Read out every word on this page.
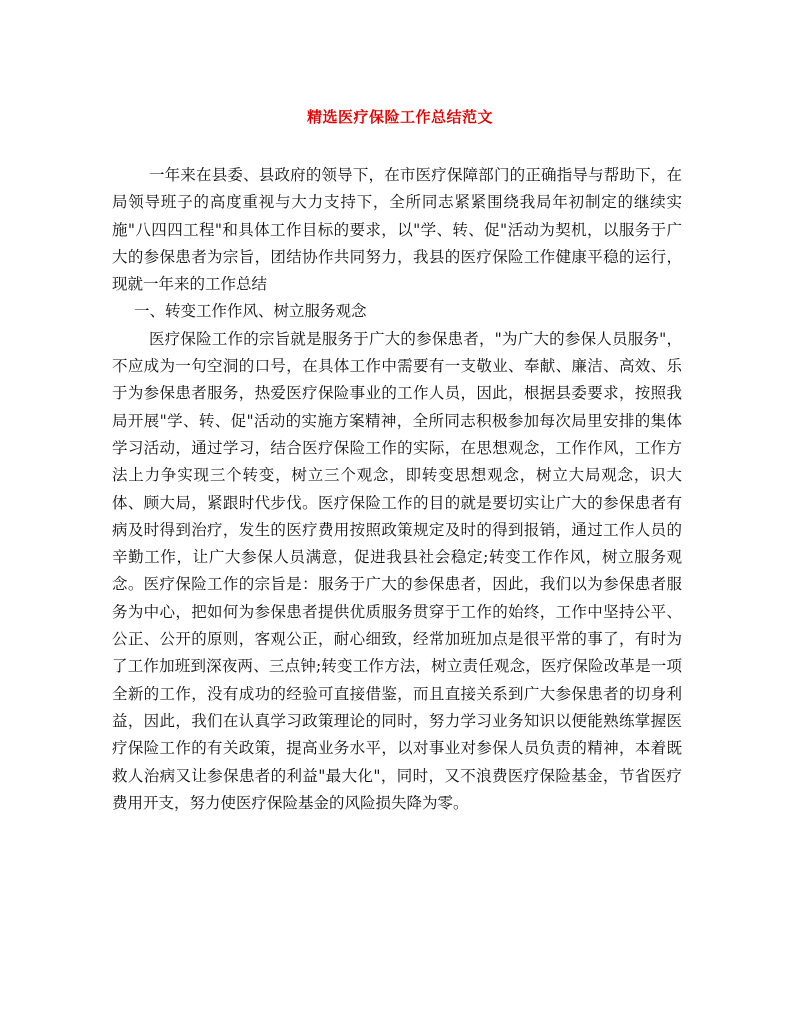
精选医疗保险工作总结范文

一年来在县委、县政府的领导下，在市医疗保障部门的正确指导与帮助下，在局领导班子的高度重视与大力支持下，全所同志紧紧围绕我局年初制定的继续实施"八四四工程"和具体工作目标的要求，以"学、转、促"活动为契机，以服务于广大的参保患者为宗旨，团结协作共同努力，我县的医疗保险工作健康平稳的运行，现就一年来的工作总结

一、转变工作作风、树立服务观念

医疗保险工作的宗旨就是服务于广大的参保患者，"为广大的参保人员服务"，不应成为一句空洞的口号，在具体工作中需要有一支敬业、奉献、廉洁、高效、乐于为参保患者服务，热爱医疗保险事业的工作人员，因此，根据县委要求，按照我局开展"学、转、促"活动的实施方案精神，全所同志积极参加每次局里安排的集体学习活动，通过学习，结合医疗保险工作的实际，在思想观念，工作作风，工作方法上力争实现三个转变，树立三个观念，即转变思想观念，树立大局观念，识大体、顾大局，紧跟时代步伐。医疗保险工作的目的就是要切实让广大的参保患者有病及时得到治疗，发生的医疗费用按照政策规定及时的得到报销，通过工作人员的辛勤工作，让广大参保人员满意，促进我县社会稳定;转变工作作风，树立服务观念。医疗保险工作的宗旨是：服务于广大的参保患者，因此，我们以为参保患者服务为中心，把如何为参保患者提供优质服务贯穿于工作的始终，工作中坚持公平、公正、公开的原则，客观公正，耐心细致，经常加班加点是很平常的事了，有时为了工作加班到深夜两、三点钟;转变工作方法，树立责任观念，医疗保险改革是一项全新的工作，没有成功的经验可直接借鉴，而且直接关系到广大参保患者的切身利益，因此，我们在认真学习政策理论的同时，努力学习业务知识以便能熟练掌握医疗保险工作的有关政策，提高业务水平，以对事业对参保人员负责的精神，本着既救人治病又让参保患者的利益"最大化"，同时，又不浪费医疗保险基金，节省医疗费用开支，努力使医疗保险基金的风险损失降为零。
